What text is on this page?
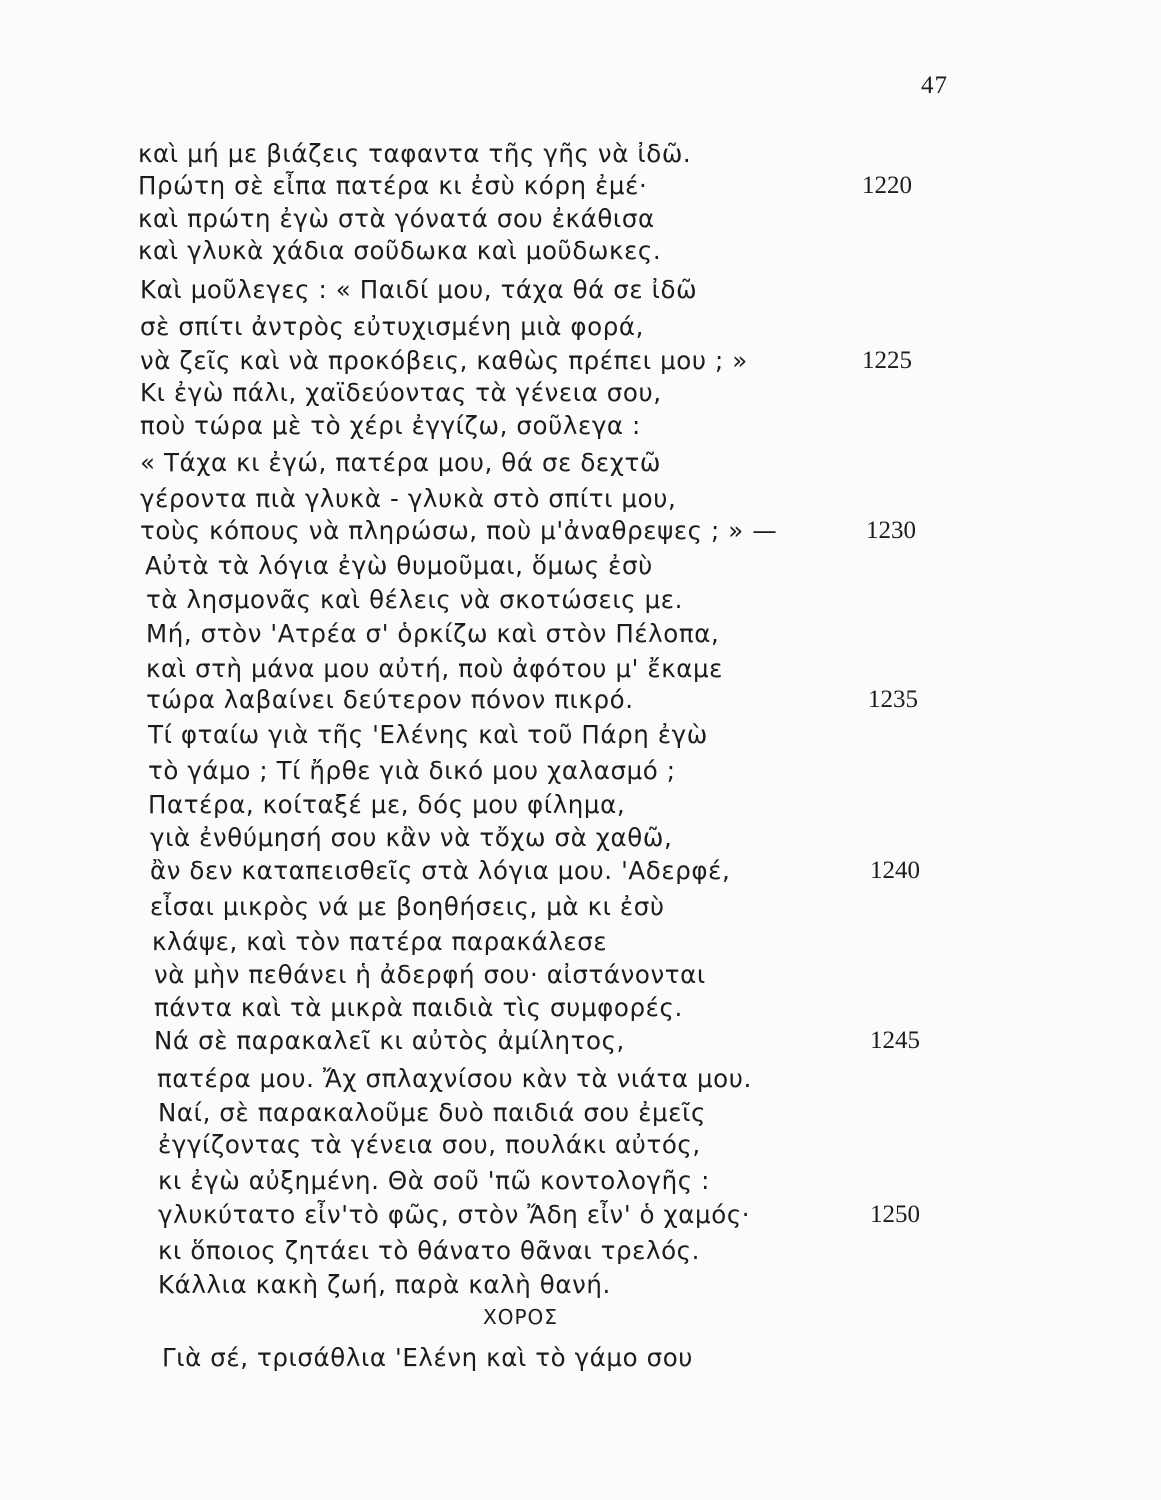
47
καὶ μή με βιάζεις ταφαντα τῆς γῆς νὰ ἰδῶ.
Πρώτη σὲ εἶπα πατέρα κι ἐσὺ κόρη ἐμέ·	1220
καὶ πρώτη ἐγὼ στὰ γόνατά σου ἐκάθισα
καὶ γλυκὰ χάδια σοῦδωκα καὶ μοῦδωκες.
Καὶ μοῦλεγες : « Παιδί μου, τάχα θά σε ἰδῶ
σὲ σπίτι ἀντρὸς εὐτυχισμένη μιὰ φορά,
νὰ ζεῖς καὶ νὰ προκόβεις, καθὼς πρέπει μου ; »	1225
Κι ἐγὼ πάλι, χαϊδεύοντας τὰ γένεια σου,
ποὺ τώρα μὲ τὸ χέρι ἐγγίζω, σοῦλεγα :
« Τάχα κι ἐγώ, πατέρα μου, θά σε δεχτῶ
γέροντα πιὰ γλυκὰ - γλυκὰ στὸ σπίτι μου,
τοὺς κόπους νὰ πληρώσω, ποὺ μ'ἀναθρεψες ; » —	1230
Αὐτὰ τὰ λόγια ἐγὼ θυμοῦμαι, ὅμως ἐσὺ
τὰ λησμονᾶς καὶ θέλεις νὰ σκοτώσεις με.
Μή, στὸν 'Ατρέα σ' ὁρκίζω καὶ στὸν Πέλοπα,
καὶ στὴ μάνα μου αὐτή, ποὺ ἀφότου μ' ἔκαμε
τώρα λαβαίνει δεύτερον πόνον πικρό.	1235
Τί φταίω γιὰ τῆς 'Ελένης καὶ τοῦ Πάρη ἐγὼ
τὸ γάμο ; Τί ἤρθε γιὰ δικό μου χαλασμό ;
Πατέρα, κοίταξέ με, δός μου φίλημα,
γιὰ ἐνθύμησή σου κἂν νὰ τὄχω σὰ χαθῶ,
ἂν δεν καταπεισθεῖς στὰ λόγια μου. 'Αδερφέ,	1240
εἶσαι μικρὸς νά με βοηθήσεις, μὰ κι ἐσὺ
κλάψε, καὶ τὸν πατέρα παρακάλεσε
νὰ μὴν πεθάνει ἡ ἀδερφή σου· αἰστάνονται
πάντα καὶ τὰ μικρὰ παιδιὰ τὶς συμφορές.
Νά σὲ παρακαλεῖ κι αὐτὸς ἀμίλητος,	1245
πατέρα μου. Ἄχ σπλαχνίσου κὰν τὰ νιάτα μου.
Ναί, σὲ παρακαλοῦμε δυὸ παιδιά σου ἐμεῖς
ἐγγίζοντας τὰ γένεια σου, πουλάκι αὐτός,
κι ἐγὼ αὐξημένη. Θὰ σοῦ 'πῶ κοντολογῆς :
γλυκύτατο εἶν'τὸ φῶς, στὸν Ἄδη εἶν' ὁ χαμός·	1250
κι ὅποιος ζητάει τὸ θάνατο θᾶναι τρελός.
Κάλλια κακὴ ζωή, παρὰ καλὴ θανή.
ΧΟΡΟΣ
Γιὰ σέ, τρισάθλια 'Ελένη καὶ τὸ γάμο σου
